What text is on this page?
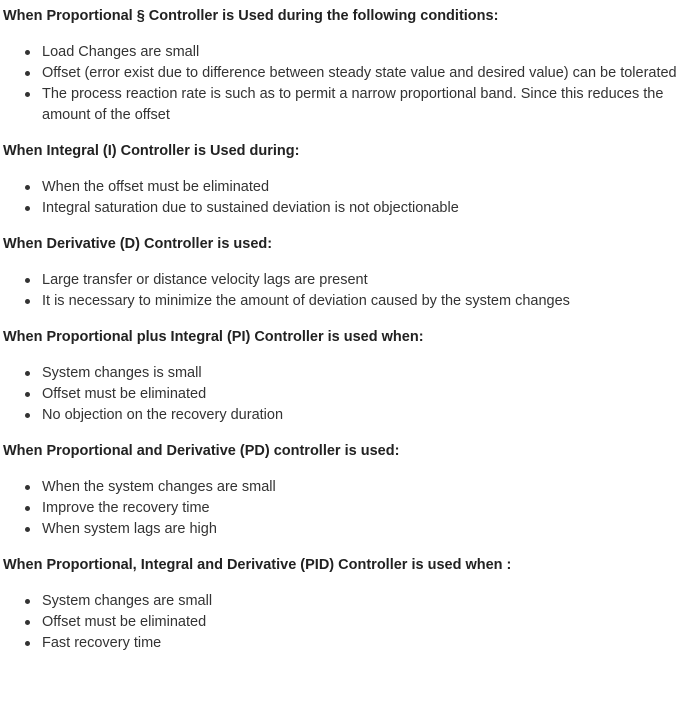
When Proportional § Controller is Used during the following conditions:
Load Changes are small
Offset (error exist due to difference between steady state value and desired value) can be tolerated
The process reaction rate is such as to permit a narrow proportional band. Since this reduces the amount of the offset
When Integral (I) Controller is Used during:
When the offset must be eliminated
Integral saturation due to sustained deviation is not objectionable
When Derivative (D) Controller is used:
Large transfer or distance velocity lags are present
It is necessary to minimize the amount of deviation caused by the system changes
When Proportional plus Integral (PI) Controller is used when:
System changes is small
Offset must be eliminated
No objection on the recovery duration
When Proportional and Derivative (PD) controller is used:
When the system changes are small
Improve the recovery time
When system lags are high
When Proportional, Integral and Derivative (PID) Controller is used when :
System changes are small
Offset must be eliminated
Fast recovery time
